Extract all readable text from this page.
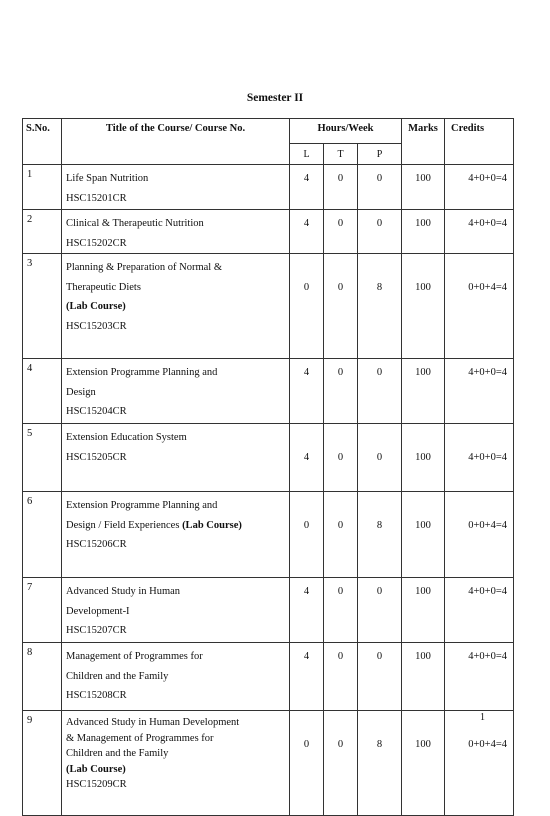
Semester II
S.No.	Title of the Course/ Course No.	Hours/Week			Marks	Credits
		L	T	P		
1	Life Span Nutrition
HSC15201CR	4	0	0	100	4+0+0=4
2	Clinical & Therapeutic Nutrition
HSC15202CR	4	0	0	100	4+0+0=4
3	Planning & Preparation of Normal &
Therapeutic Diets
(Lab Course)
HSC15203CR	0	0	8	100	0+0+4=4
4	Extension Programme Planning and
Design
HSC15204CR	4	0	0	100	4+0+0=4
5	Extension Education System
HSC15205CR	4	0	0	100	4+0+0=4
6	Extension Programme Planning and
Design / Field Experiences (Lab Course)
HSC15206CR	0	0	8	100	0+0+4=4
7	Advanced Study in Human
Development-I
HSC15207CR	4	0	0	100	4+0+0=4
8	Management of Programmes for
Children and the Family
HSC15208CR	4	0	0	100	4+0+0=4
9	Advanced Study in Human Development
& Management of Programmes for
Children and the Family
(Lab Course)
HSC15209CR	0	0	8	100	0+0+4=4
1
